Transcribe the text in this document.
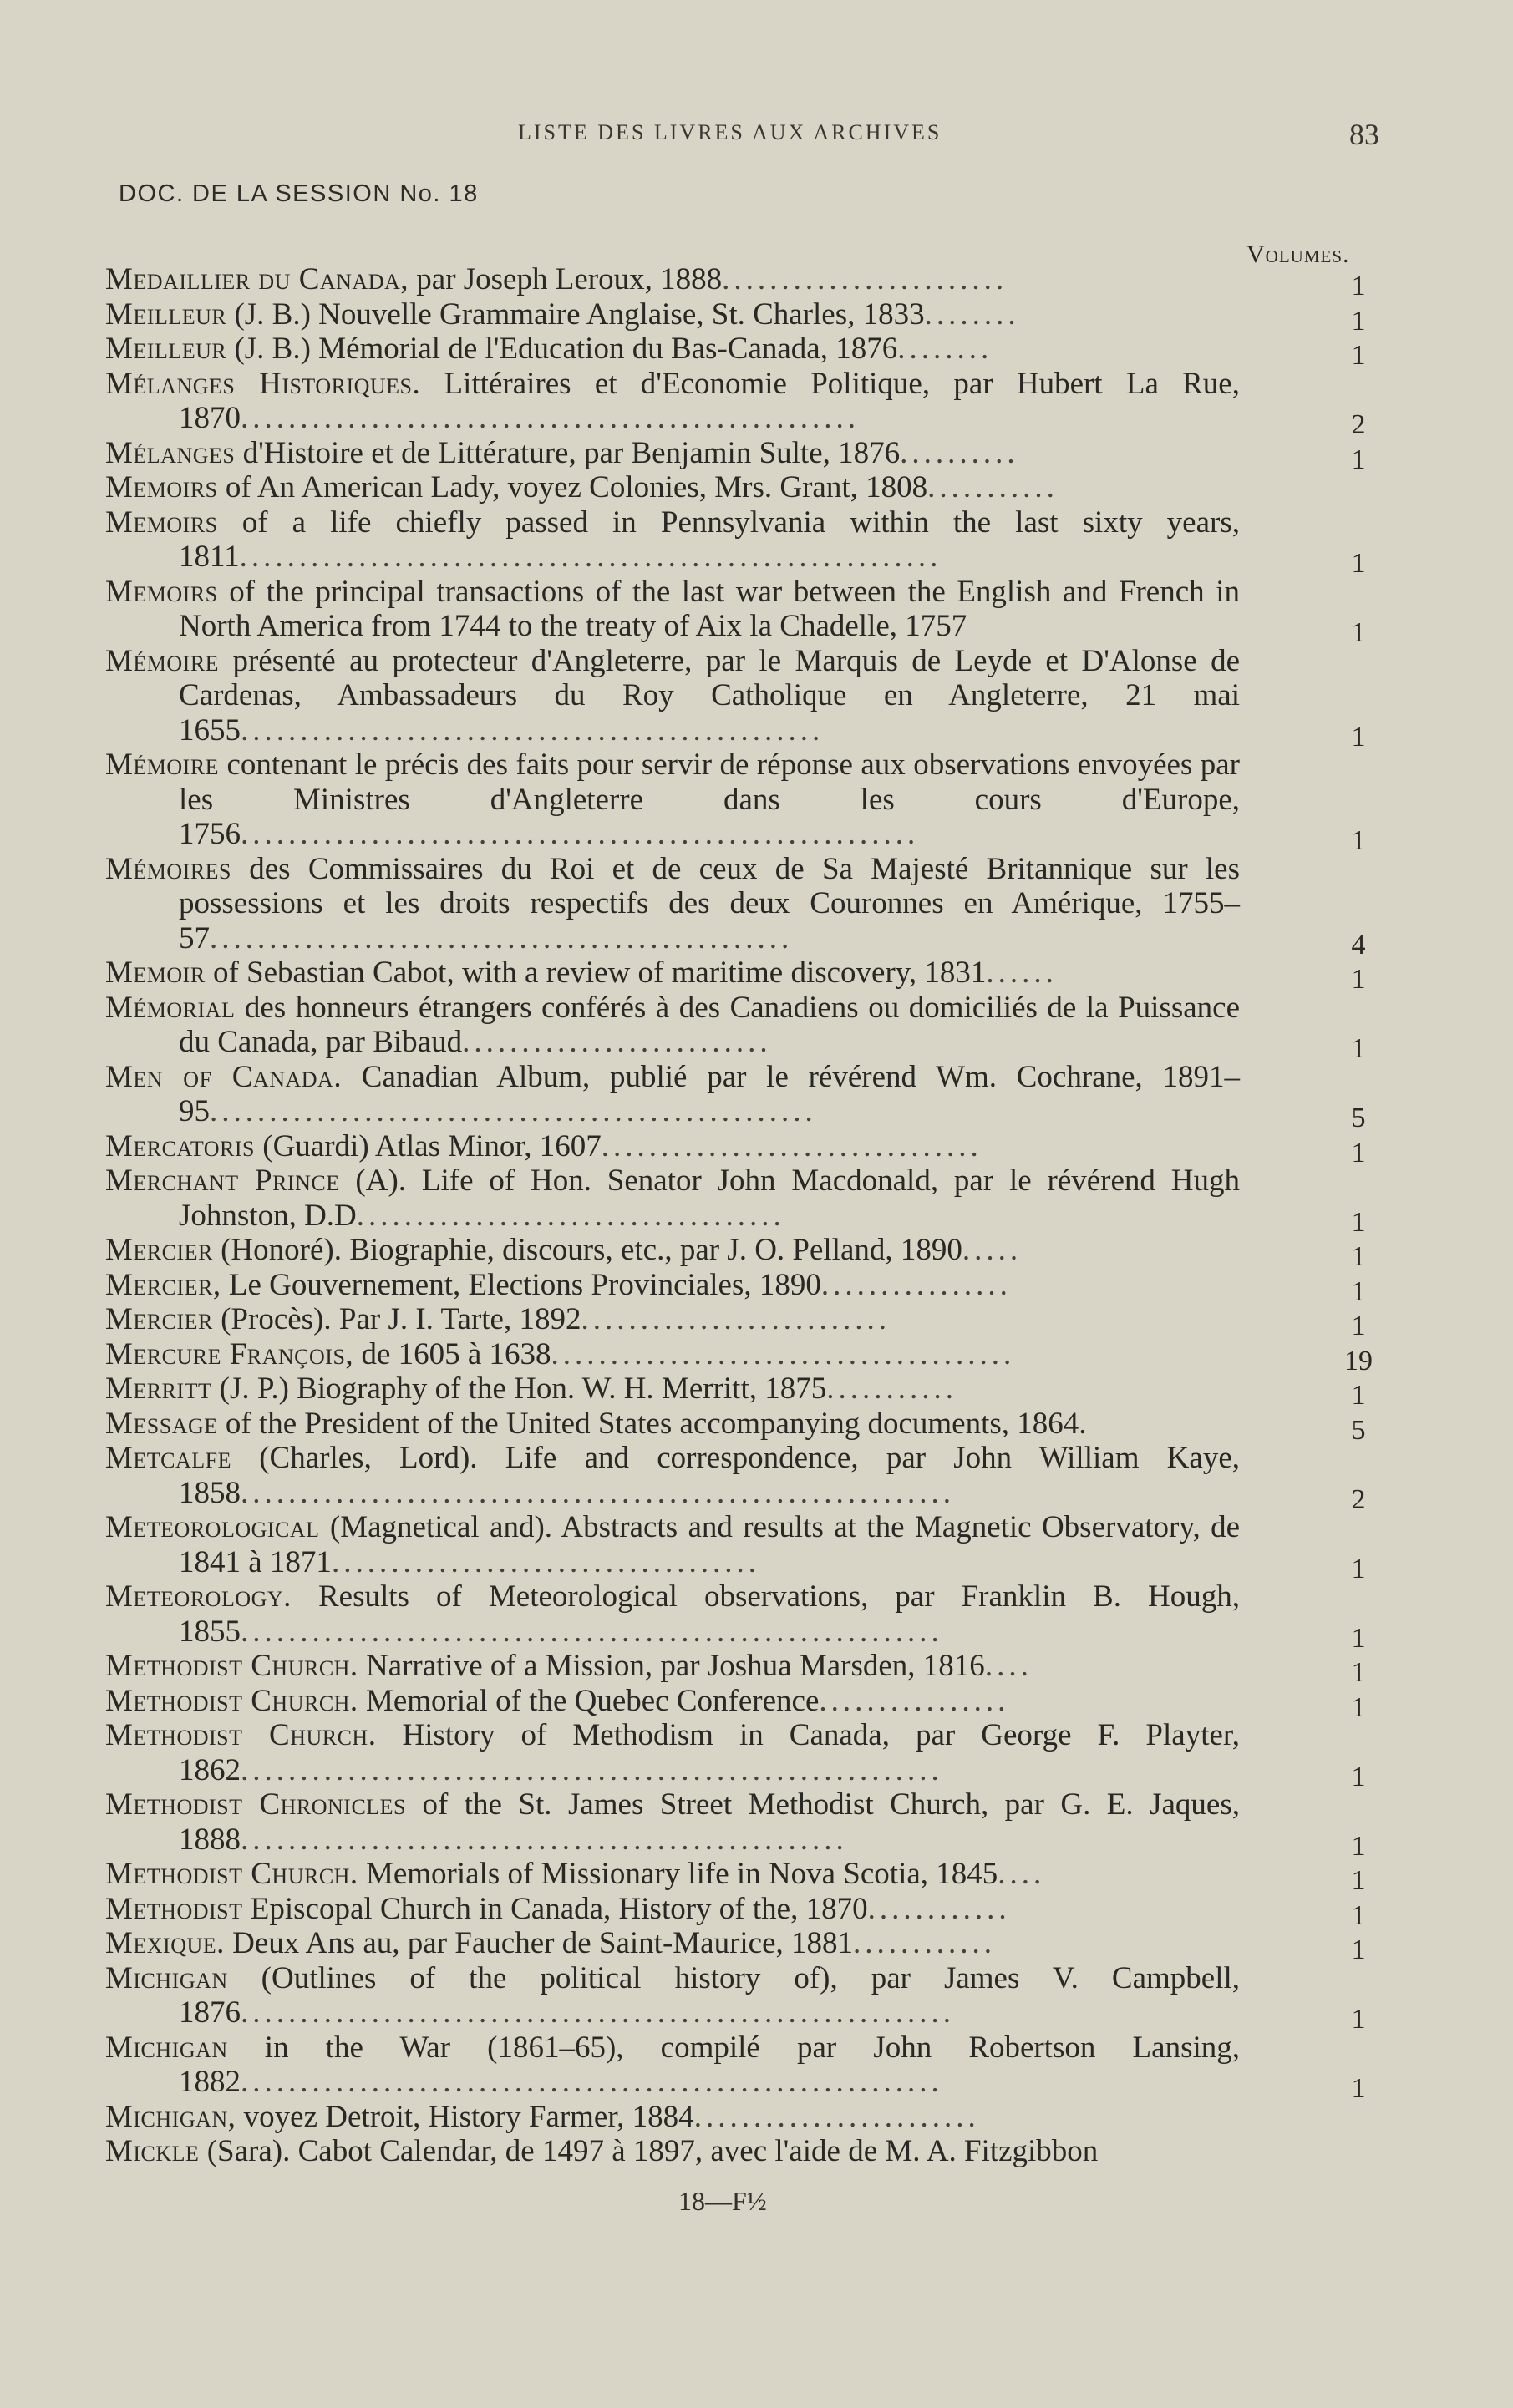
LISTE DES LIVRES AUX ARCHIVES	83
DOC. DE LA SESSION No. 18
Volumes.
Medaillier du Canada, par Joseph Leroux, 1888........................	1
Meilleur (J. B.) Nouvelle Grammaire Anglaise, St. Charles, 1833........	1
Meilleur (J. B.) Mémorial de l'Education du Bas-Canada, 1876........	1
Mélanges Historiques. Littéraires et d'Economie Politique, par Hubert La Rue, 1870....................................................	2
Mélanges d'Histoire et de Littérature, par Benjamin Sulte, 1876..........	1
Memoirs of An American Lady, voyez Colonies, Mrs. Grant, 1808...........
Memoirs of a life chiefly passed in Pennsylvania within the last sixty years, 1811...........................................................	1
Memoirs of the principal transactions of the last war between the English and French in North America from 1744 to the treaty of Aix la Chadelle, 1757	1
Mémoire présenté au protecteur d'Angleterre, par le Marquis de Leyde et D'Alonse de Cardenas, Ambassadeurs du Roy Catholique en Angleterre, 21 mai 1655.................................................	1
Mémoire contenant le précis des faits pour servir de réponse aux observations envoyées par les Ministres d'Angleterre dans les cours d'Europe, 1756.........................................................	1
Mémoires des Commissaires du Roi et de ceux de Sa Majesté Britannique sur les possessions et les droits respectifs des deux Couronnes en Amérique, 1755–57.................................................	4
Memoir of Sebastian Cabot, with a review of maritime discovery, 1831......	1
Mémorial des honneurs étrangers conférés à des Canadiens ou domiciliés de la Puissance du Canada, par Bibaud..........................	1
Men of Canada. Canadian Album, publié par le révérend Wm. Cochrane, 1891–95...................................................	5
Mercatoris (Guardi) Atlas Minor, 1607................................	1
Merchant Prince (A). Life of Hon. Senator John Macdonald, par le révérend Hugh Johnston, D.D....................................	1
Mercier (Honoré). Biographie, discours, etc., par J. O. Pelland, 1890.....	1
Mercier, Le Gouvernement, Elections Provinciales, 1890................	1
Mercier (Procès). Par J. I. Tarte, 1892..........................	1
Mercure François, de 1605 à 1638.......................................	19
Merritt (J. P.) Biography of the Hon. W. H. Merritt, 1875...........	1
Message of the President of the United States accompanying documents, 1864.	5
Metcalfe (Charles, Lord). Life and correspondence, par John William Kaye, 1858............................................................	2
Meteorological (Magnetical and). Abstracts and results at the Magnetic Observatory, de 1841 à 1871....................................	1
Meteorology. Results of Meteorological observations, par Franklin B. Hough, 1855...........................................................	1
Methodist Church. Narrative of a Mission, par Joshua Marsden, 1816....	1
Methodist Church. Memorial of the Quebec Conference................	1
Methodist Church. History of Methodism in Canada, par George F. Playter, 1862...........................................................	1
Methodist Chronicles of the St. James Street Methodist Church, par G. E. Jaques, 1888...................................................	1
Methodist Church. Memorials of Missionary life in Nova Scotia, 1845....	1
Methodist Episcopal Church in Canada, History of the, 1870............	1
Mexique. Deux Ans au, par Faucher de Saint-Maurice, 1881............	1
Michigan (Outlines of the political history of), par James V. Campbell, 1876............................................................	1
Michigan in the War (1861–65), compilé par John Robertson Lansing, 1882...........................................................	1
Michigan, voyez Detroit, History Farmer, 1884........................
Mickle (Sara). Cabot Calendar, de 1497 à 1897, avec l'aide de M. A. Fitzgibbon
18—F½
